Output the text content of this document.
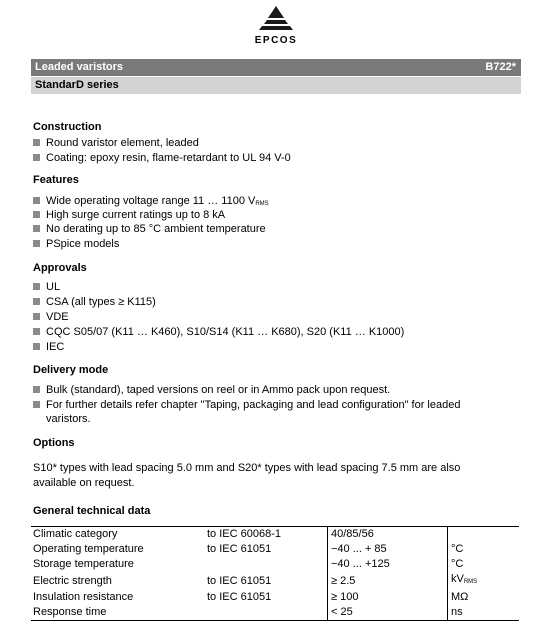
EPCOS
Leaded varistors	B722*
StandarD series
Construction
Round varistor element, leaded
Coating: epoxy resin, flame-retardant to UL 94 V-0
Features
Wide operating voltage range 11 … 1100 VRMS
High surge current ratings up to 8 kA
No derating up to 85 °C ambient temperature
PSpice models
Approvals
UL
CSA (all types ≥ K115)
VDE
CQC S05/07 (K11 … K460), S10/S14 (K11 … K680), S20 (K11 … K1000)
IEC
Delivery mode
Bulk (standard), taped versions on reel or in Ammo pack upon request.
For further details refer chapter "Taping, packaging and lead configuration" for leaded
varistors.
Options
S10* types with lead spacing 5.0 mm and S20* types with lead spacing 7.5 mm are also
available on request.
General technical data
Climatic category	to IEC 60068-1	40/85/56	
Operating temperature	to IEC 61051	−40 ... + 85	°C
Storage temperature		−40 ... +125	°C
Electric strength	to IEC 61051	≥ 2.5	kVRMS
Insulation resistance	to IEC 61051	≥ 100	MΩ
Response time		< 25	ns
